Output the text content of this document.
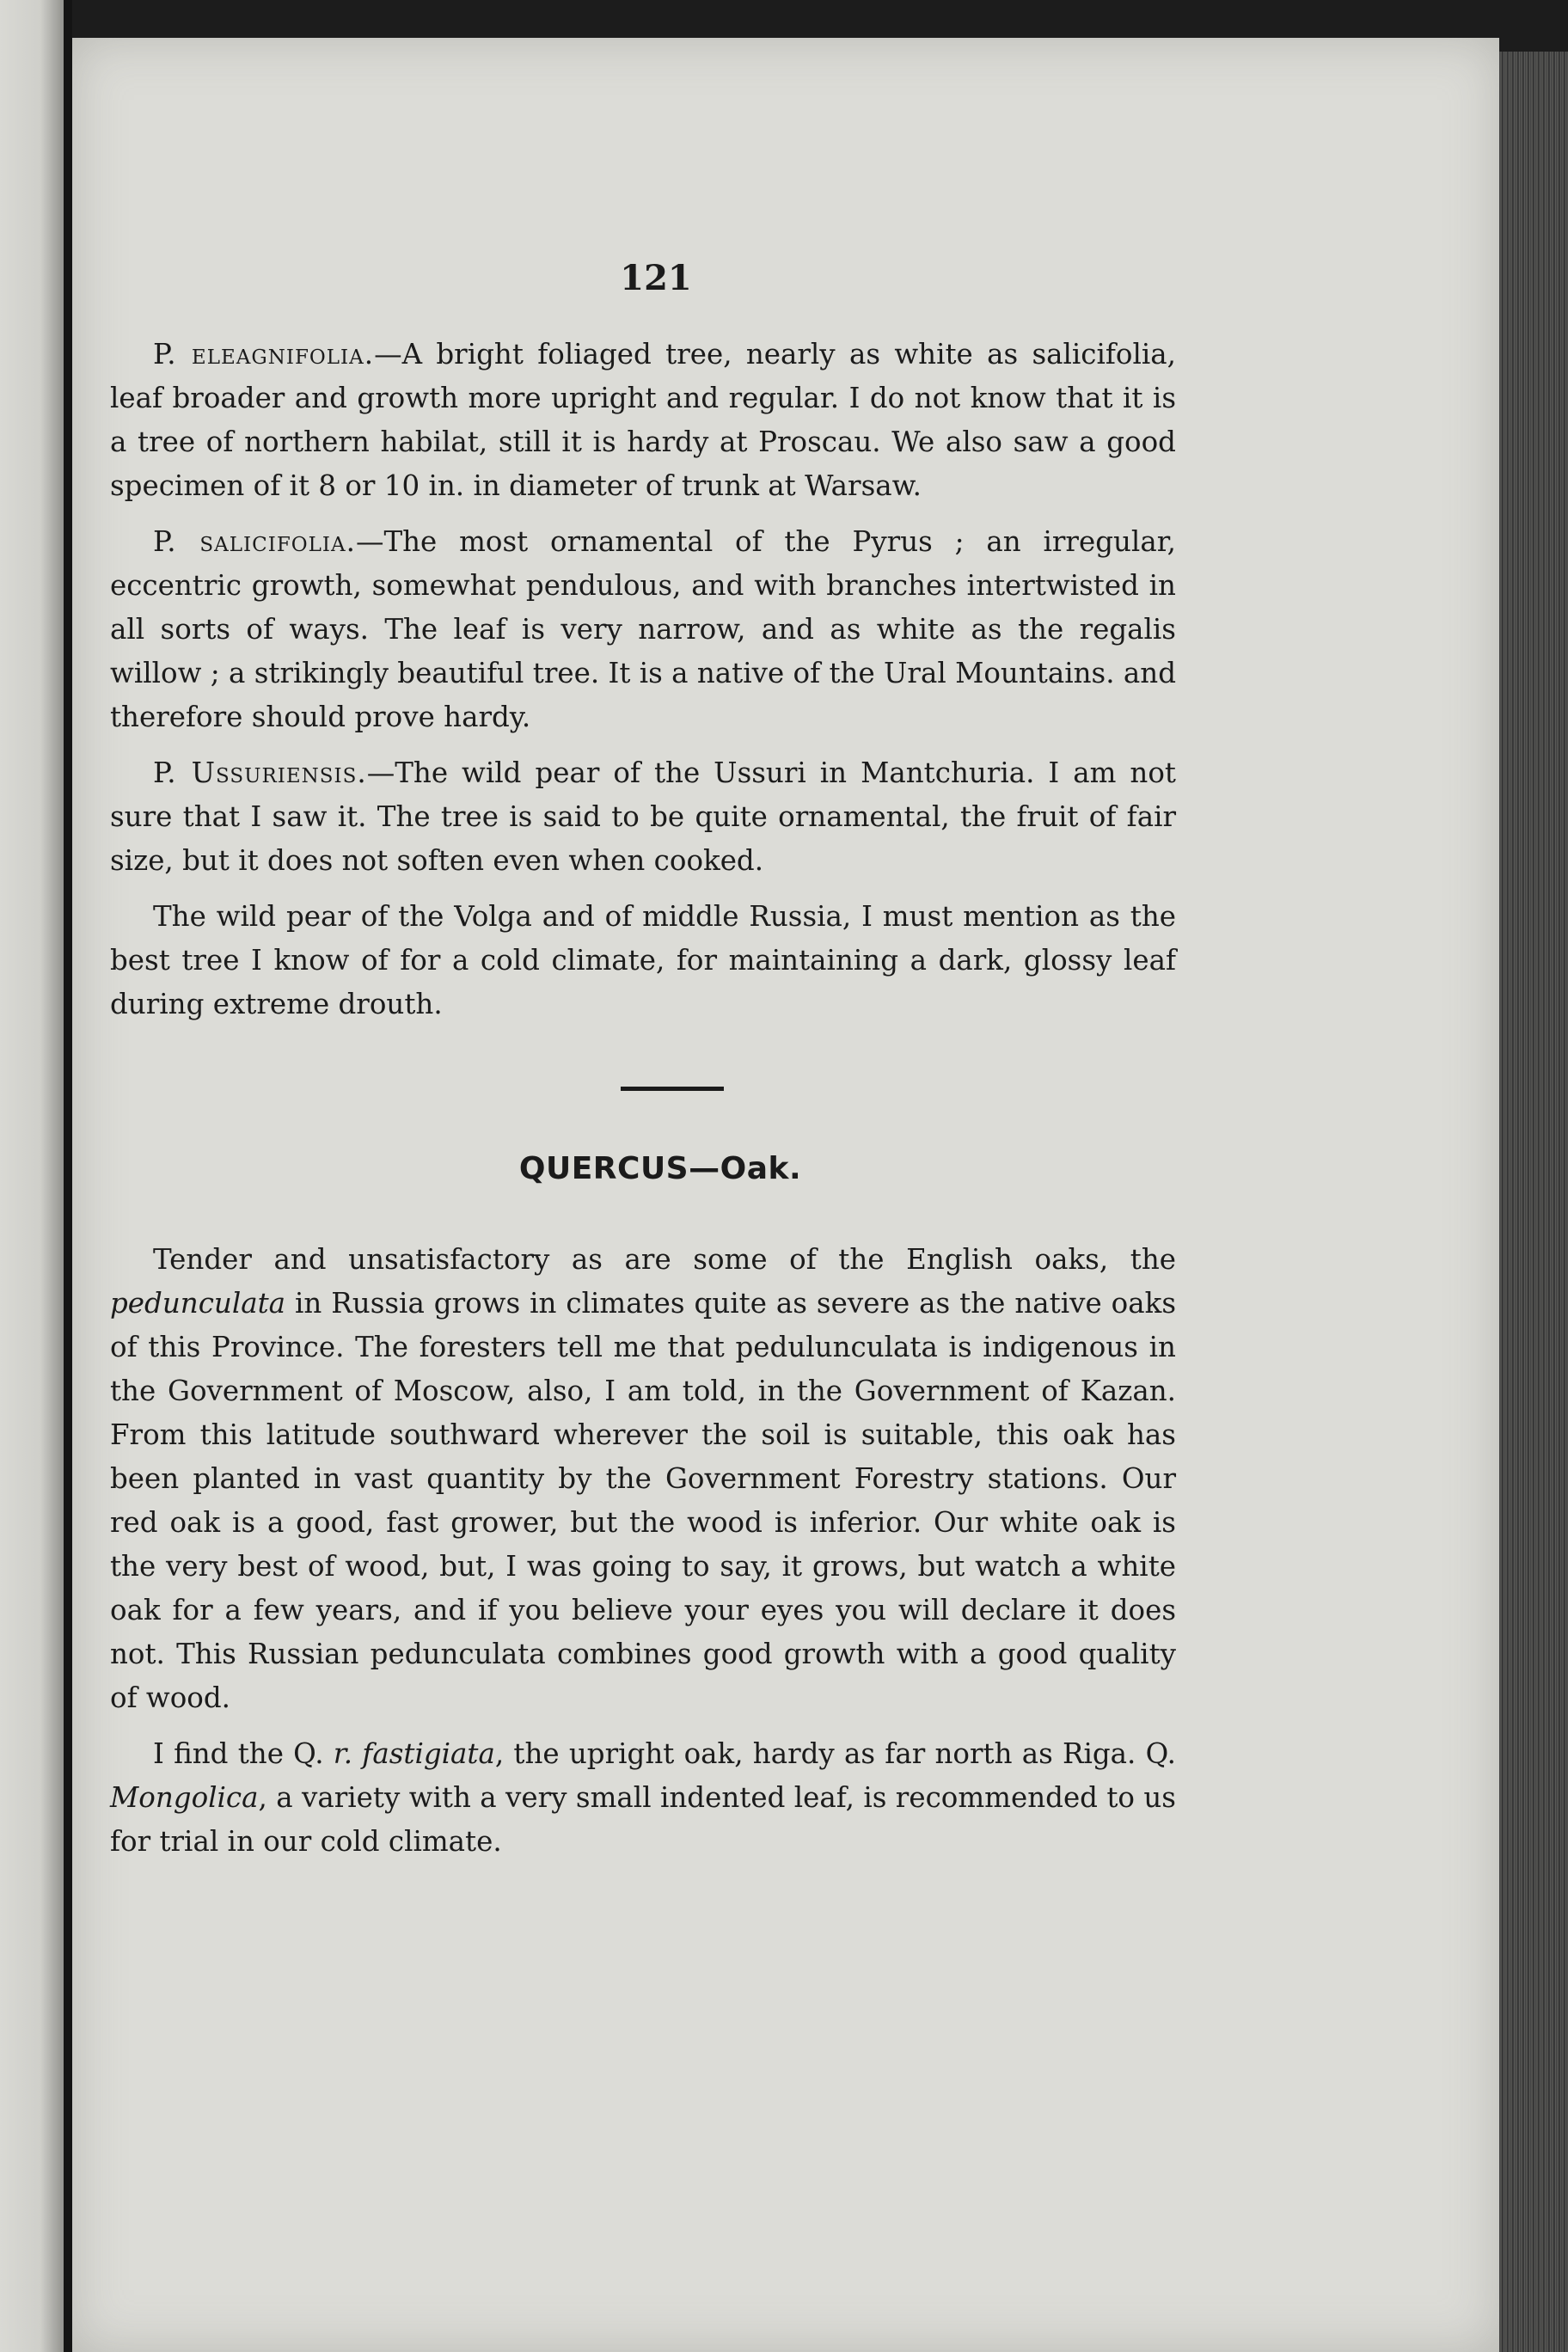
121

P. eleagnifolia.—A bright foliaged tree, nearly as white as salicifolia, leaf broader and growth more upright and regular. I do not know that it is a tree of northern habilat, still it is hardy at Proscau. We also saw a good specimen of it 8 or 10 in. in diameter of trunk at Warsaw.

P. salicifolia.—The most ornamental of the Pyrus ; an irregular, eccentric growth, somewhat pendulous, and with branches intertwisted in all sorts of ways. The leaf is very narrow, and as white as the regalis willow ; a strikingly beautiful tree. It is a native of the Ural Mountains. and therefore should prove hardy.

P. Ussuriensis.—The wild pear of the Ussuri in Mantchuria. I am not sure that I saw it. The tree is said to be quite ornamental, the fruit of fair size, but it does not soften even when cooked.

The wild pear of the Volga and of middle Russia, I must mention as the best tree I know of for a cold climate, for maintaining a dark, glossy leaf during extreme drouth.

QUERCUS—Oak.

Tender and unsatisfactory as are some of the English oaks, the pedunculata in Russia grows in climates quite as severe as the native oaks of this Province. The foresters tell me that pedulunculata is indigenous in the Government of Moscow, also, I am told, in the Government of Kazan. From this latitude southward wherever the soil is suitable, this oak has been planted in vast quantity by the Government Forestry stations. Our red oak is a good, fast grower, but the wood is inferior. Our white oak is the very best of wood, but, I was going to say, it grows, but watch a white oak for a few years, and if you believe your eyes you will declare it does not. This Russian pedunculata combines good growth with a good quality of wood.

I find the Q. r. fastigiata, the upright oak, hardy as far north as Riga. Q. Mongolica, a variety with a very small indented leaf, is recommended to us for trial in our cold climate.
